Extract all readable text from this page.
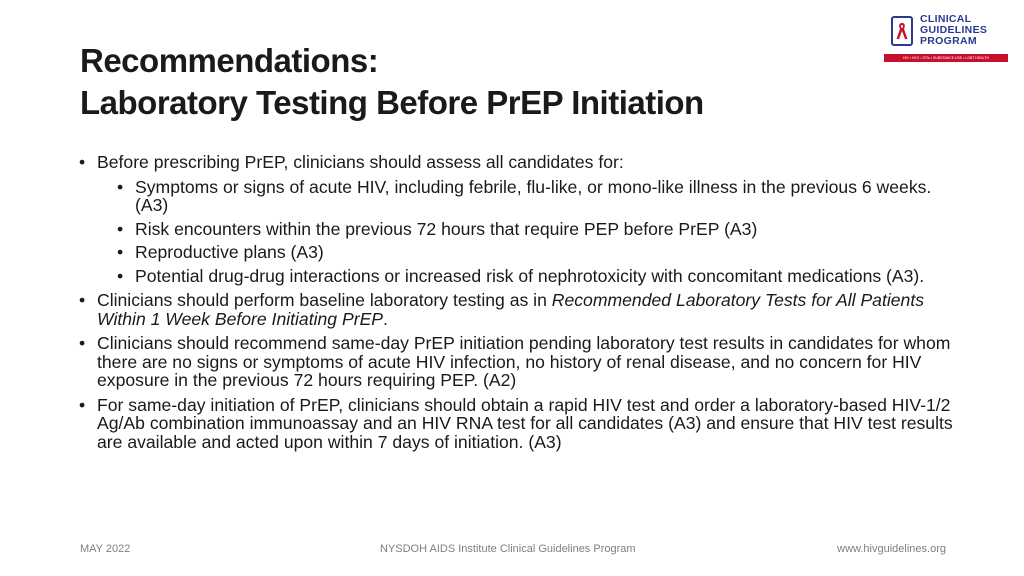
Recommendations:
Laboratory Testing Before PrEP Initiation
CLINICAL
GUIDELINES
PROGRAM
HIV • HCV • STIs • SUBSTANCE USE • LGBT HEALTH
• Before prescribing PrEP, clinicians should assess all candidates for:
• Symptoms or signs of acute HIV, including febrile, flu-like, or mono-like illness in the previous 6 weeks. (A3)
• Risk encounters within the previous 72 hours that require PEP before PrEP (A3)
• Reproductive plans (A3)
• Potential drug-drug interactions or increased risk of nephrotoxicity with concomitant medications (A3).
• Clinicians should perform baseline laboratory testing as in Recommended Laboratory Tests for All Patients Within 1 Week Before Initiating PrEP.
• Clinicians should recommend same-day PrEP initiation pending laboratory test results in candidates for whom there are no signs or symptoms of acute HIV infection, no history of renal disease, and no concern for HIV exposure in the previous 72 hours requiring PEP. (A2)
• For same-day initiation of PrEP, clinicians should obtain a rapid HIV test and order a laboratory-based HIV-1/2 Ag/Ab combination immunoassay and an HIV RNA test for all candidates (A3) and ensure that HIV test results are available and acted upon within 7 days of initiation. (A3)
MAY 2022	NYSDOH AIDS Institute Clinical Guidelines Program	www.hivguidelines.org
